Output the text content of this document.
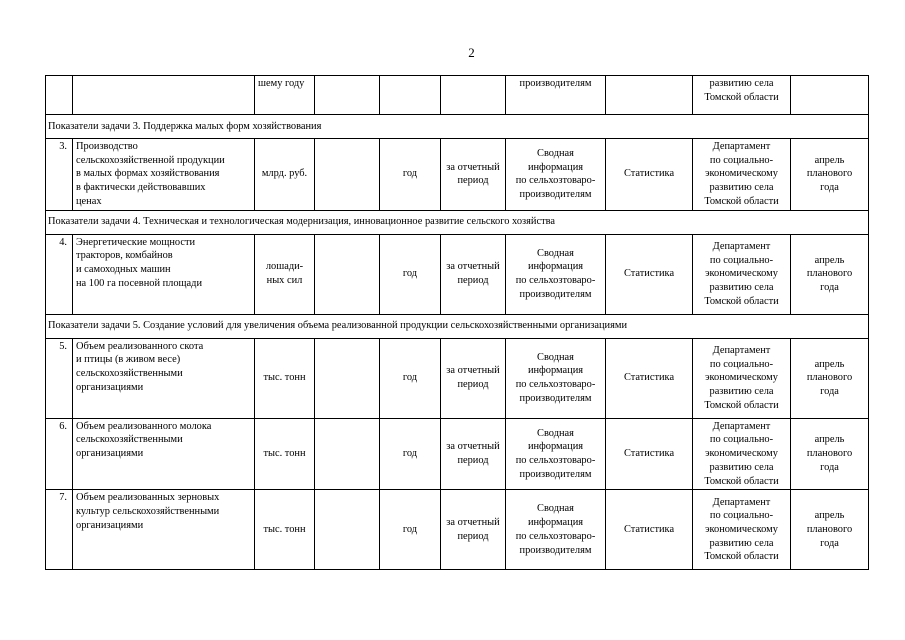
2
		шему году				производителям		развитию села
Томской области	

Показатели задачи 3. Поддержка малых форм хозяйствования									
3.	Производство
сельскохозяйственной продукции
в малых формах хозяйствования
в фактически действовавших
ценах	млрд. руб.		год	за отчетный
период	Сводная
информация
по сельхозтоваро-
производителям	Статистика	Департамент
по социально-
экономическому
развитию села
Томской области	апрель
планового
года

Показатели задачи 4. Техническая и технологическая модернизация, инновационное развитие сельского хозяйства									
4.	Энергетические мощности
тракторов, комбайнов
и самоходных машин
на 100 га посевной площади	лошади-
ных сил		год	за отчетный
период	Сводная
информация
по сельхозтоваро-
производителям	Статистика	Департамент
по социально-
экономическому
развитию села
Томской области	апрель
планового
года

Показатели задачи 5. Создание условий для увеличения объема реализованной продукции сельскохозяйственными организациями									
5.	Объем реализованного скота
и птицы (в живом весе)
сельскохозяйственными
организациями	тыс. тонн		год	за отчетный
период	Сводная
информация
по сельхозтоваро-
производителям	Статистика	Департамент
по социально-
экономическому
развитию села
Томской области	апрель
планового
года

6.	Объем реализованного молока
сельскохозяйственными
организациями	тыс. тонн		год	за отчетный
период	Сводная
информация
по сельхозтоваро-
производителям	Статистика	Департамент
по социально-
экономическому
развитию села
Томской области	апрель
планового
года

7.	Объем реализованных зерновых
культур сельскохозяйственными
организациями	тыс. тонн		год	за отчетный
период	Сводная
информация
по сельхозтоваро-
производителям	Статистика	Департамент
по социально-
экономическому
развитию села
Томской области	апрель
планового
года
